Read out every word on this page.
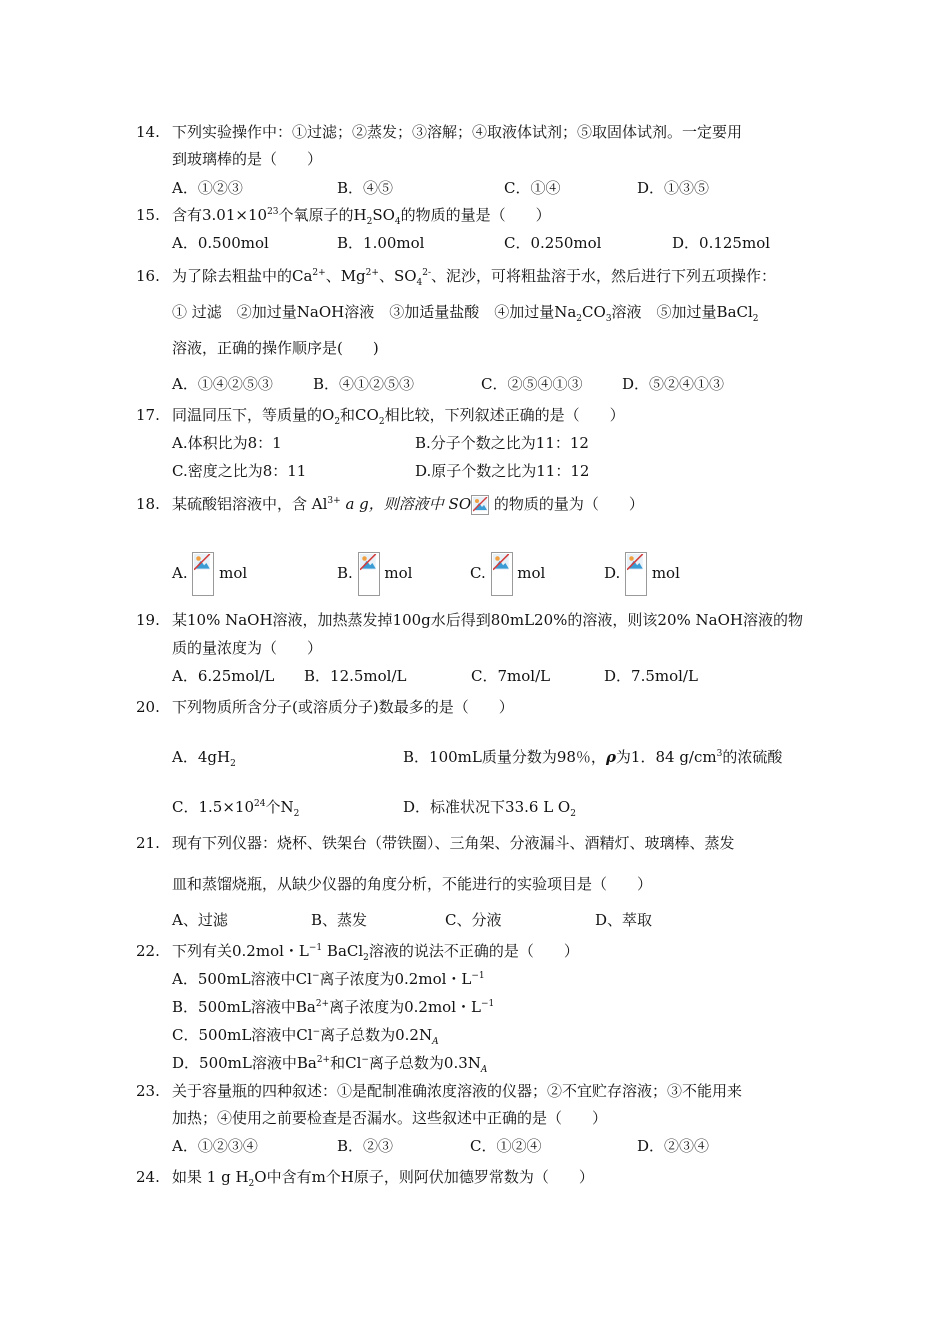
14. 下列实验操作中：①过滤；②蒸发；③溶解；④取液体试剂；⑤取固体试剂。一定要用
到玻璃棒的是（　　）
A．①②③	B．④⑤	C．①④	D．①③⑤
15. 含有$3.01\times 10^{23}$个氧原子的$H_2SO_4$的物质的量是（　　）
A．0.500mol	B．1.00mol	C．0.250mol	D．0.125mol
16. 为了除去粗盐中的$Ca^{2+}$、$Mg^{2+}$、$SO_4^{2-}$、泥沙，可将粗盐溶于水，然后进行下列五项操作：
① 过滤　②加过量NaOH溶液　③加适量盐酸　④加过量$Na_2CO_3$溶液　⑤加过量BaCl$_2$
溶液，正确的操作顺序是(　　)
A．①④②⑤③	B．④①②⑤③	C．②⑤④①③	D．⑤②④①③
17. 同温同压下，等质量的$O_2$和$CO_2$相比较，下列叙述正确的是（　　）
A.体积比为8：1	B.分子个数之比为11：12
C.密度之比为8：11	D.原子个数之比为11：12
18. 某硫酸铝溶液中，含 $Al^{3+}$ a g，则溶液中 SO
的物质的量为（　　）
A. mol	B. mol	C. mol	D. mol
19. 某10% NaOH溶液，加热蒸发掉100g水后得到80mL20%的溶液，则该20% NaOH溶液的物
质的量浓度为（　　）
A．6.25mol/L B．12.5mol/L	C．7mol/L	D．7.5mol/L
20. 下列物质所含分子(或溶质分子)数最多的是（　　）
A．$4gH_2$	B．100mL质量分数为98％，ρ为1．84 $g/cm^3$的浓硫酸
C．$1.5\times 10^{24}$个$N_2$	D．标准状况下33.6 L $O_2$
21. 现有下列仪器：烧杯、铁架台（带铁圈）、三角架、分液漏斗、酒精灯、玻璃棒、蒸发
皿和蒸馏烧瓶，从缺少仪器的角度分析，不能进行的实验项目是（　　）
A、过滤	B、蒸发	C、分液	D、萃取
22. 下列有关0.2mol・$L^{-1}$ BaCl$_2$溶液的说法不正确的是（　　）
A．500mL溶液中Cl−离子浓度为0.2mol・$L^{-1}$
B．500mL溶液中$Ba^{2+}$离子浓度为0.2mol・$L^{-1}$
C．500mL溶液中Cl−离子总数为$0.2N_A$
D．500mL溶液中$Ba^{2+}$和Cl−离子总数为$0.3N_A$
23. 关于容量瓶的四种叙述：①是配制准确浓度溶液的仪器；②不宜贮存溶液；③不能用来
加热；④使用之前要检查是否漏水。这些叙述中正确的是（　　）
A．①②③④	B．②③	C．①②④	D．②③④
24. 如果 1 g $H_2O$中含有m个H原子，则阿伏加德罗常数为（　　）
